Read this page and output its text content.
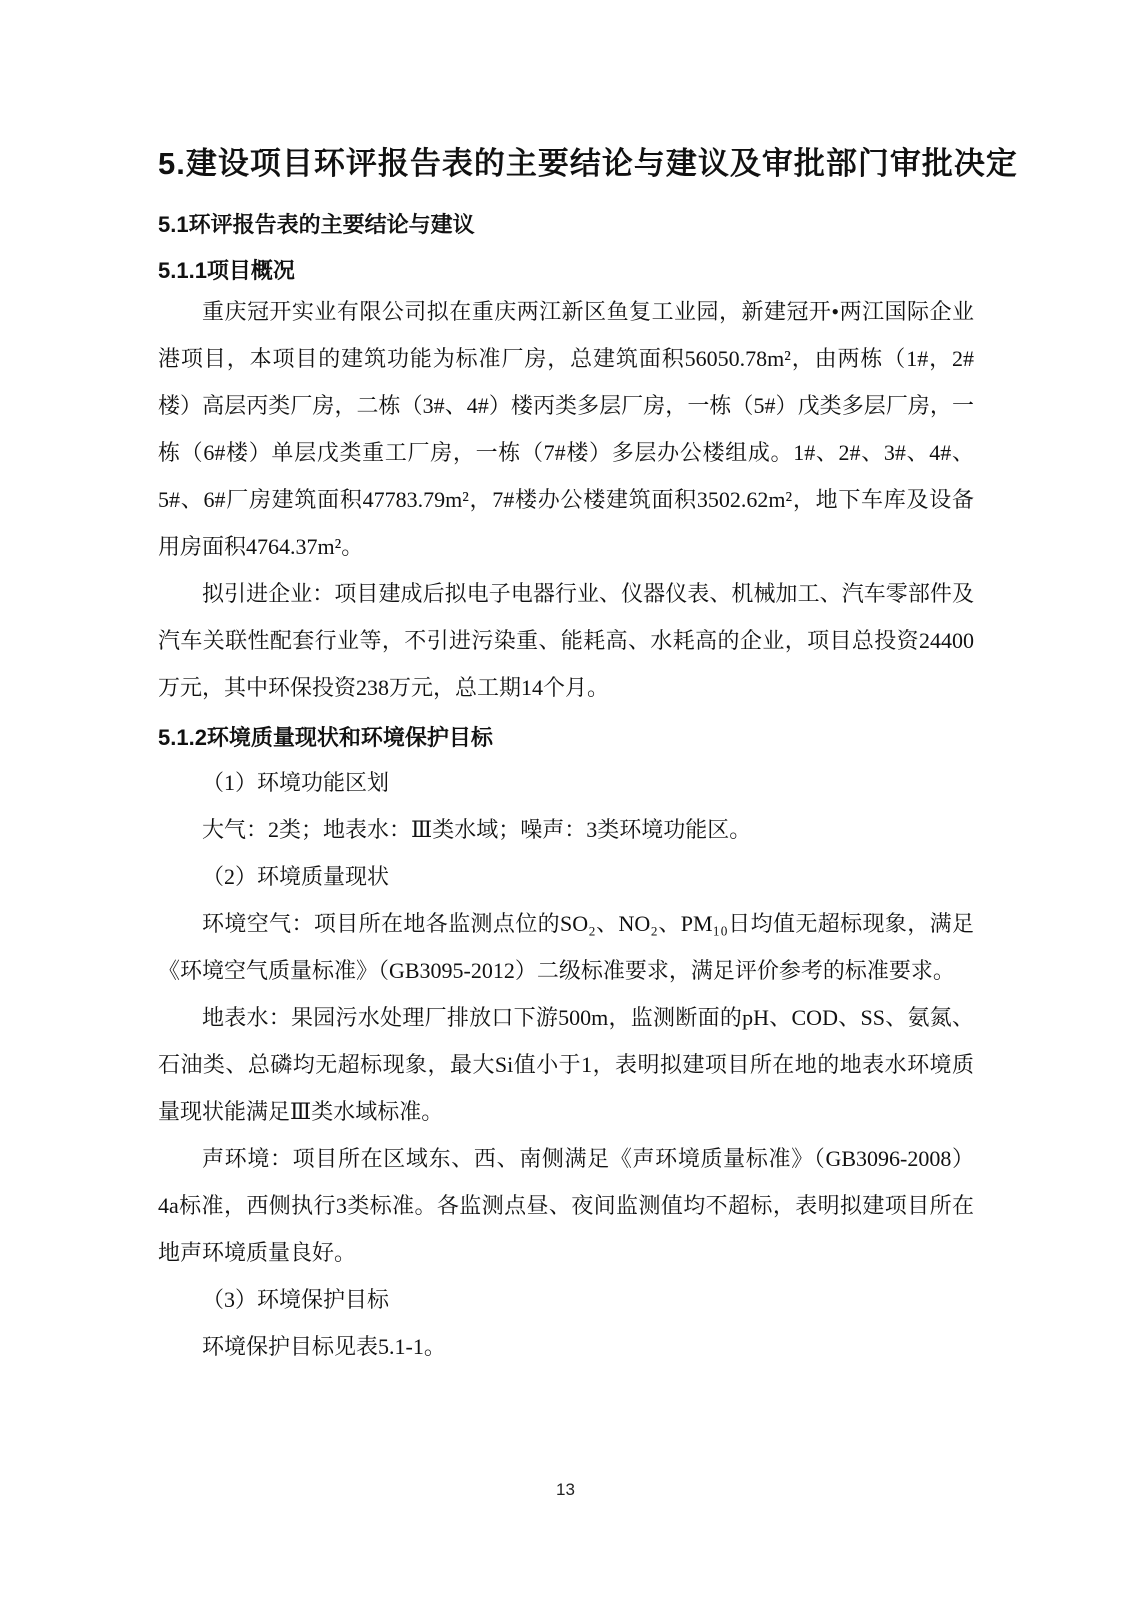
5.建设项目环评报告表的主要结论与建议及审批部门审批决定
5.1环评报告表的主要结论与建议
5.1.1项目概况

重庆冠开实业有限公司拟在重庆两江新区鱼复工业园，新建冠开•两江国际企业港项目，本项目的建筑功能为标准厂房，总建筑面积56050.78m²，由两栋（1#，2#楼）高层丙类厂房，二栋（3#、4#）楼丙类多层厂房，一栋（5#）戊类多层厂房，一栋（6#楼）单层戊类重工厂房，一栋（7#楼）多层办公楼组成。1#、2#、3#、4#、5#、6#厂房建筑面积47783.79m²，7#楼办公楼建筑面积3502.62m²，地下车库及设备用房面积4764.37m²。

拟引进企业：项目建成后拟电子电器行业、仪器仪表、机械加工、汽车零部件及汽车关联性配套行业等，不引进污染重、能耗高、水耗高的企业，项目总投资24400万元，其中环保投资238万元，总工期14个月。

5.1.2环境质量现状和环境保护目标

（1）环境功能区划

大气：2类；地表水：Ⅲ类水域；噪声：3类环境功能区。

（2）环境质量现状

环境空气：项目所在地各监测点位的SO₂、NO₂、PM₁₀日均值无超标现象，满足《环境空气质量标准》（GB3095-2012）二级标准要求，满足评价参考的标准要求。

地表水：果园污水处理厂排放口下游500m，监测断面的pH、COD、SS、氨氮、石油类、总磷均无超标现象，最大Si值小于1，表明拟建项目所在地的地表水环境质量现状能满足Ⅲ类水域标准。

声环境：项目所在区域东、西、南侧满足《声环境质量标准》（GB3096-2008）4a标准，西侧执行3类标准。各监测点昼、夜间监测值均不超标，表明拟建项目所在地声环境质量良好。

（3）环境保护目标

环境保护目标见表5.1-1。

13
